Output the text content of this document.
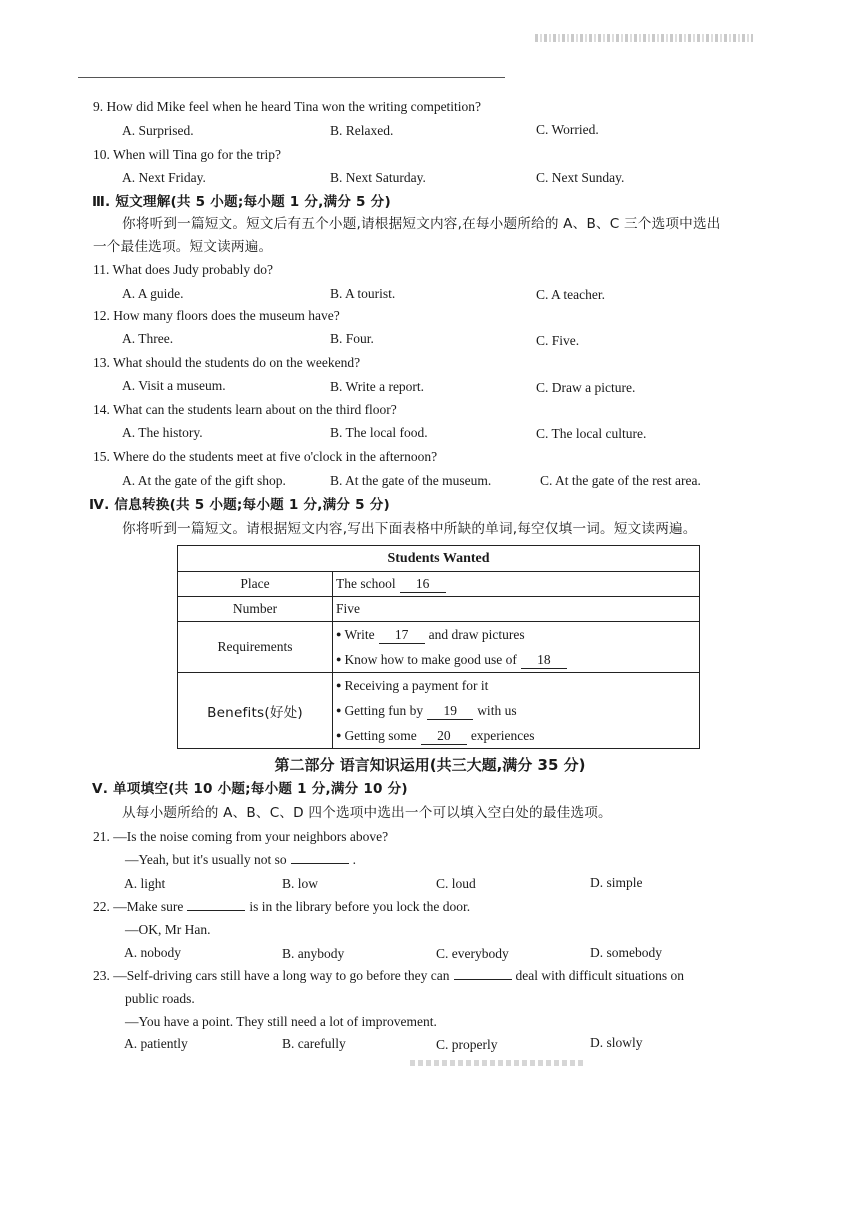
9. How did Mike feel when he heard Tina won the writing competition?
A. Surprised.	B. Relaxed.	C. Worried.
10. When will Tina go for the trip?
A. Next Friday.	B. Next Saturday.	C. Next Sunday.
Ⅲ. 短文理解(共 5 小题;每小题 1 分,满分 5 分)
你将听到一篇短文。短文后有五个小题,请根据短文内容,在每小题所给的 A、B、C 三个选项中选出
一个最佳选项。短文读两遍。
11. What does Judy probably do?
A. A guide.	B. A tourist.	C. A teacher.
12. How many floors does the museum have?
A. Three.	B. Four.	C. Five.
13. What should the students do on the weekend?
A. Visit a museum.	B. Write a report.	C. Draw a picture.
14. What can the students learn about on the third floor?
A. The history.	B. The local food.	C. The local culture.
15. Where do the students meet at five o'clock in the afternoon?
A. At the gate of the gift shop.	B. At the gate of the museum.	C. At the gate of the rest area.
Ⅳ. 信息转换(共 5 小题;每小题 1 分,满分 5 分)
你将听到一篇短文。请根据短文内容,写出下面表格中所缺的单词,每空仅填一词。短文读两遍。
Students Wanted	
Place	The school 16
Number	Five
Requirements	● Write 17 and draw pictures
● Know how to make good use of 18

Benefits(好处)	● Receiving a payment for it
● Getting fun by 19 with us
● Getting some 20 experiences
第二部分 语言知识运用(共三大题,满分 35 分)
Ⅴ. 单项填空(共 10 小题;每小题 1 分,满分 10 分)
从每小题所给的 A、B、C、D 四个选项中选出一个可以填入空白处的最佳选项。
21. —Is the noise coming from your neighbors above?
—Yeah, but it's usually not so	.
A. light	B. low	C. loud	D. simple
22. —Make sure	is in the library before you lock the door.
—OK, Mr Han.
A. nobody	B. anybody	C. everybody	D. somebody
23. —Self-driving cars still have a long way to go before they can	deal with difficult situations on
public roads.
—You have a point. They still need a lot of improvement.
A. patiently	B. carefully	C. properly	D. slowly
